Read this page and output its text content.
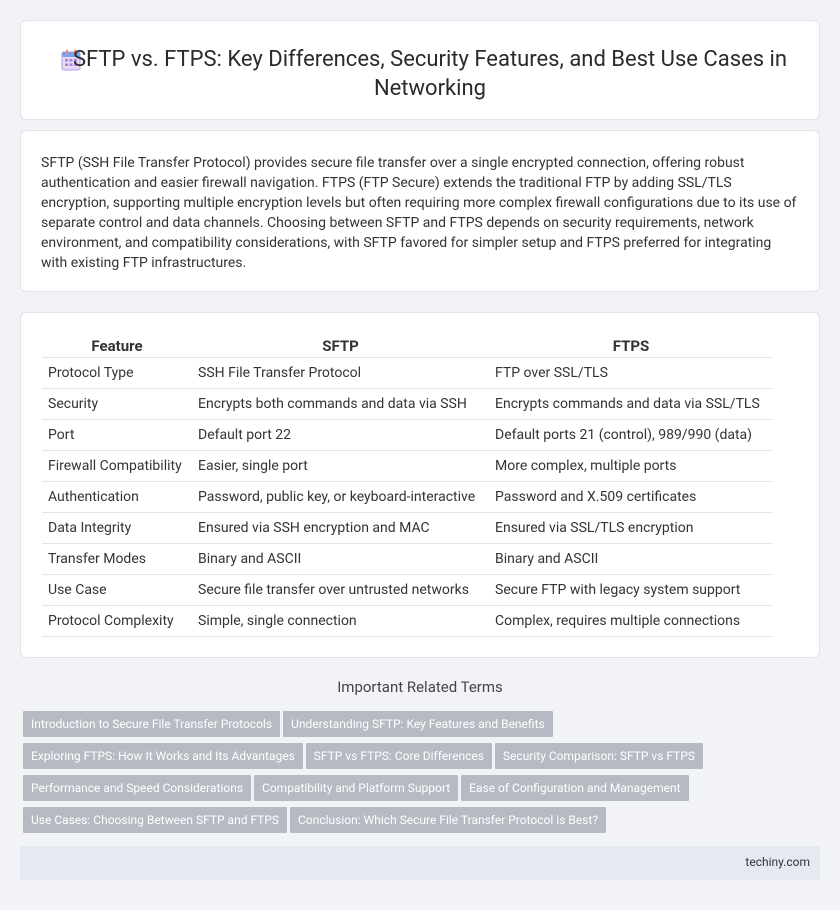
SFTP vs. FTPS: Key Differences, Security Features, and Best Use Cases in Networking
SFTP (SSH File Transfer Protocol) provides secure file transfer over a single encrypted connection, offering robust authentication and easier firewall navigation. FTPS (FTP Secure) extends the traditional FTP by adding SSL/TLS encryption, supporting multiple encryption levels but often requiring more complex firewall configurations due to its use of separate control and data channels. Choosing between SFTP and FTPS depends on security requirements, network environment, and compatibility considerations, with SFTP favored for simpler setup and FTPS preferred for integrating with existing FTP infrastructures.
Feature	SFTP	FTPS
Protocol Type	SSH File Transfer Protocol	FTP over SSL/TLS
Security	Encrypts both commands and data via SSH	Encrypts commands and data via SSL/TLS
Port	Default port 22	Default ports 21 (control), 989/990 (data)
Firewall Compatibility	Easier, single port	More complex, multiple ports
Authentication	Password, public key, or keyboard-interactive	Password and X.509 certificates
Data Integrity	Ensured via SSH encryption and MAC	Ensured via SSL/TLS encryption
Transfer Modes	Binary and ASCII	Binary and ASCII
Use Case	Secure file transfer over untrusted networks	Secure FTP with legacy system support
Protocol Complexity	Simple, single connection	Complex, requires multiple connections
Important Related Terms
Introduction to Secure File Transfer Protocols Understanding SFTP: Key Features and Benefits
Exploring FTPS: How It Works and Its Advantages SFTP vs FTPS: Core Differences Security Comparison: SFTP vs FTPS
Performance and Speed Considerations Compatibility and Platform Support Ease of Configuration and Management
Use Cases: Choosing Between SFTP and FTPS Conclusion: Which Secure File Transfer Protocol is Best?
techiny.com
